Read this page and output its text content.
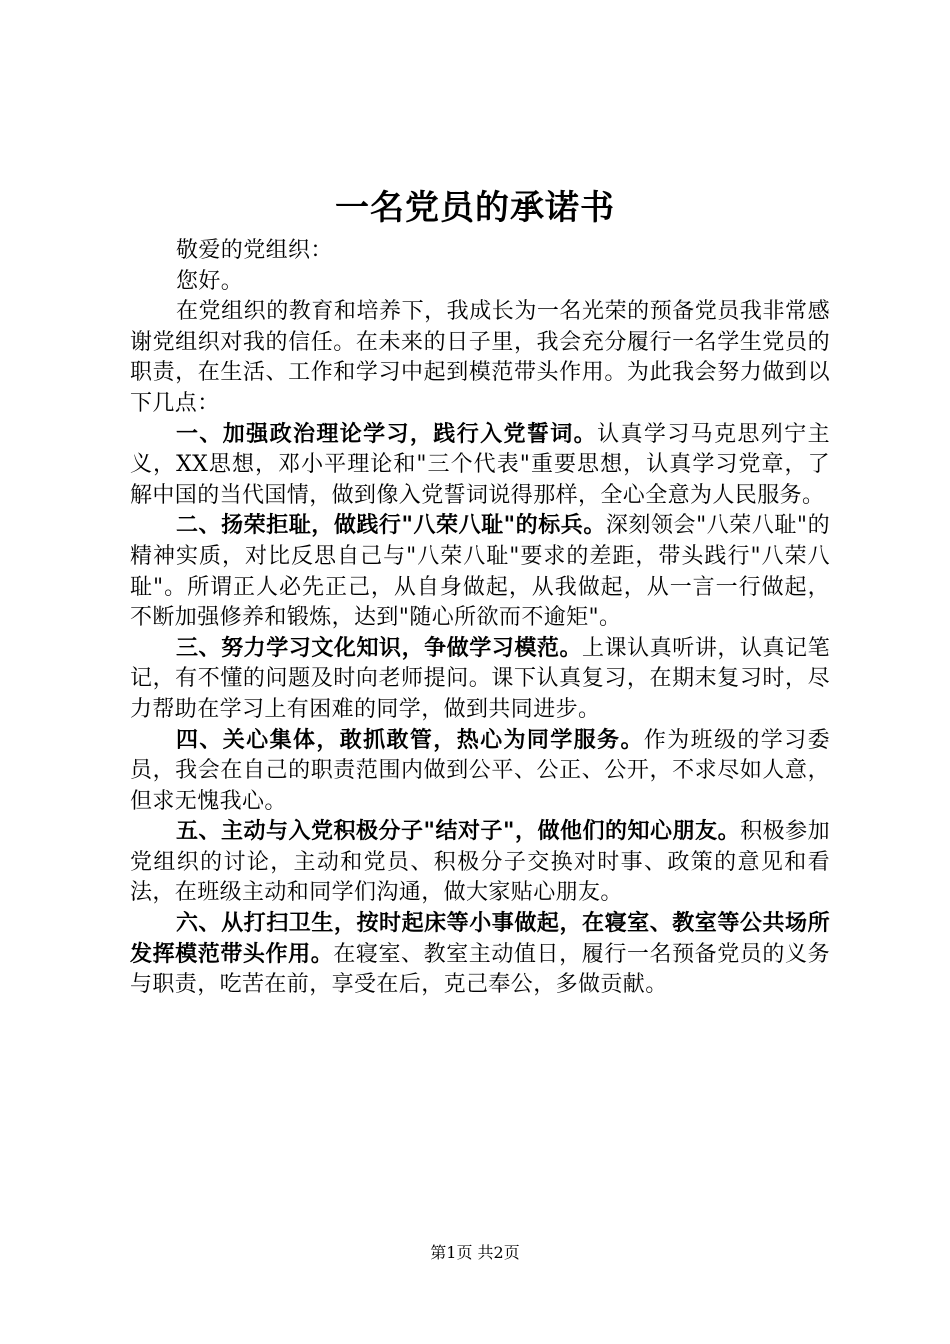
一名党员的承诺书

敬爱的党组织：

您好。

在党组织的教育和培养下，我成长为一名光荣的预备党员我非常感谢党组织对我的信任。在未来的日子里，我会充分履行一名学生党员的职责，在生活、工作和学习中起到模范带头作用。为此我会努力做到以下几点：

一、加强政治理论学习，践行入党誓词。认真学习马克思列宁主义，XX思想，邓小平理论和"三个代表"重要思想，认真学习党章，了解中国的当代国情，做到像入党誓词说得那样，全心全意为人民服务。

二、扬荣拒耻，做践行"八荣八耻"的标兵。深刻领会"八荣八耻"的精神实质，对比反思自己与"八荣八耻"要求的差距，带头践行"八荣八耻"。所谓正人必先正己，从自身做起，从我做起，从一言一行做起，不断加强修养和锻炼，达到"随心所欲而不逾矩"。

三、努力学习文化知识，争做学习模范。上课认真听讲，认真记笔记，有不懂的问题及时向老师提问。课下认真复习，在期末复习时，尽力帮助在学习上有困难的同学，做到共同进步。

四、关心集体，敢抓敢管，热心为同学服务。作为班级的学习委员，我会在自己的职责范围内做到公平、公正、公开，不求尽如人意，但求无愧我心。

五、主动与入党积极分子"结对子"，做他们的知心朋友。积极参加党组织的讨论，主动和党员、积极分子交换对时事、政策的意见和看法，在班级主动和同学们沟通，做大家贴心朋友。

六、从打扫卫生，按时起床等小事做起，在寝室、教室等公共场所发挥模范带头作用。在寝室、教室主动值日，履行一名预备党员的义务与职责，吃苦在前，享受在后，克己奉公，多做贡献。

第1页 共2页
